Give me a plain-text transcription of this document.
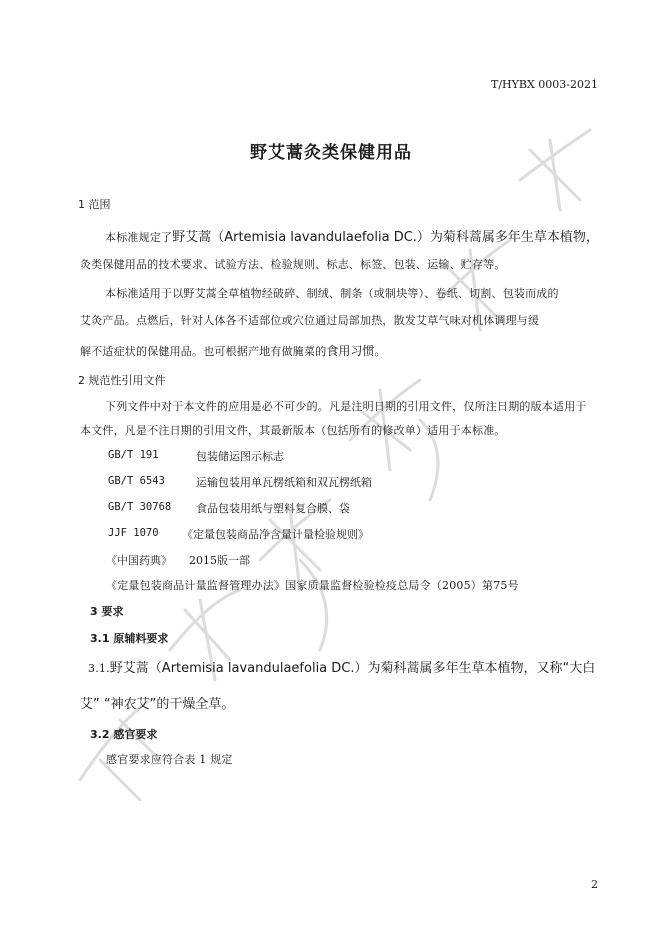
T/HYBX 0003-2021
野艾蒿灸类保健用品
1 范围
本标准规定了野艾蒿（Artemisia lavandulaefolia DC.）为菊科蒿属多年生草本植物，
灸类保健用品的技术要求、试验方法、检验规则、标志、标签、包装、运输、贮存等。
本标准适用于以野艾蒿全草植物经破碎、制绒、制条（或制块等）、卷纸、切割、包装而成的
艾灸产品。点燃后，针对人体各不适部位或穴位通过局部加热，散发艾草气味对机体调理与缓
解不适症状的保健用品。也可根据产地有做腌菜的食用习惯。
2 规范性引用文件
下列文件中对于本文件的应用是必不可少的。凡是注明日期的引用文件，仅所注日期的版本适用于
本文件，凡是不注日期的引用文件，其最新版本（包括所有的修改单）适用于本标准。
GB/T 191	包装储运图示标志
GB/T 6543	运输包装用单瓦楞纸箱和双瓦楞纸箱
GB/T 30768 食品包装用纸与塑料复合膜、袋
JJF 1070 《定量包装商品净含量计量检验规则》
《中国药典》 2015版一部
《定量包装商品计量监督管理办法》国家质量监督检验检疫总局令（2005）第75号
3 要求
3.1 原辅料要求
3.1.野艾蒿（Artemisia lavandulaefolia DC.）为菊科蒿属多年生草本植物，又称“大白
艾” “神农艾”的干燥全草。
3.2 感官要求
感官要求应符合表 1 规定
2
